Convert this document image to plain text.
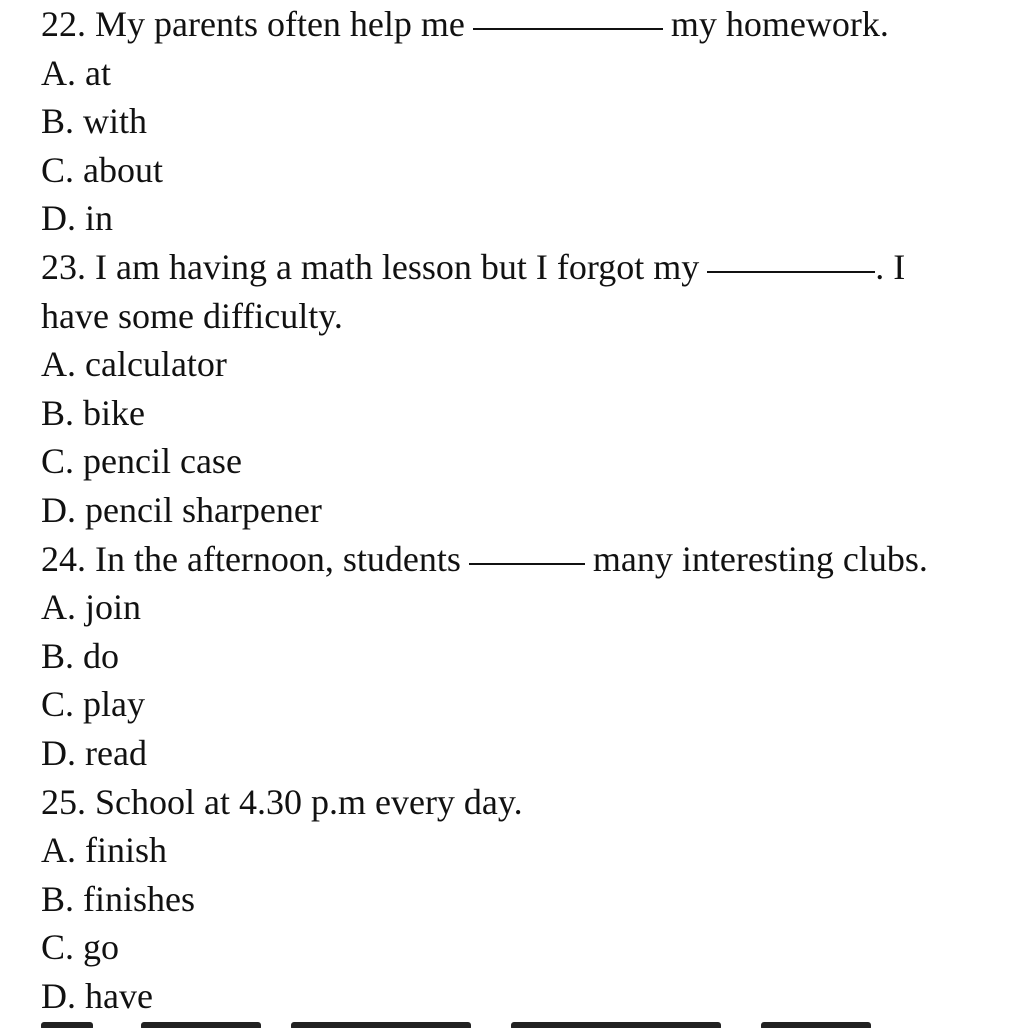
22. My parents often help me	my homework.
A. at
B. with
C. about
D. in
23. I am having a math lesson but I forgot my	. I
have some difficulty.
A. calculator
B. bike
C. pencil case
D. pencil sharpener
24. In the afternoon, students	many interesting clubs.
A. join
B. do
C. play
D. read
25. School at 4.30 p.m every day.
A. finish
B. finishes
C. go
D. have
